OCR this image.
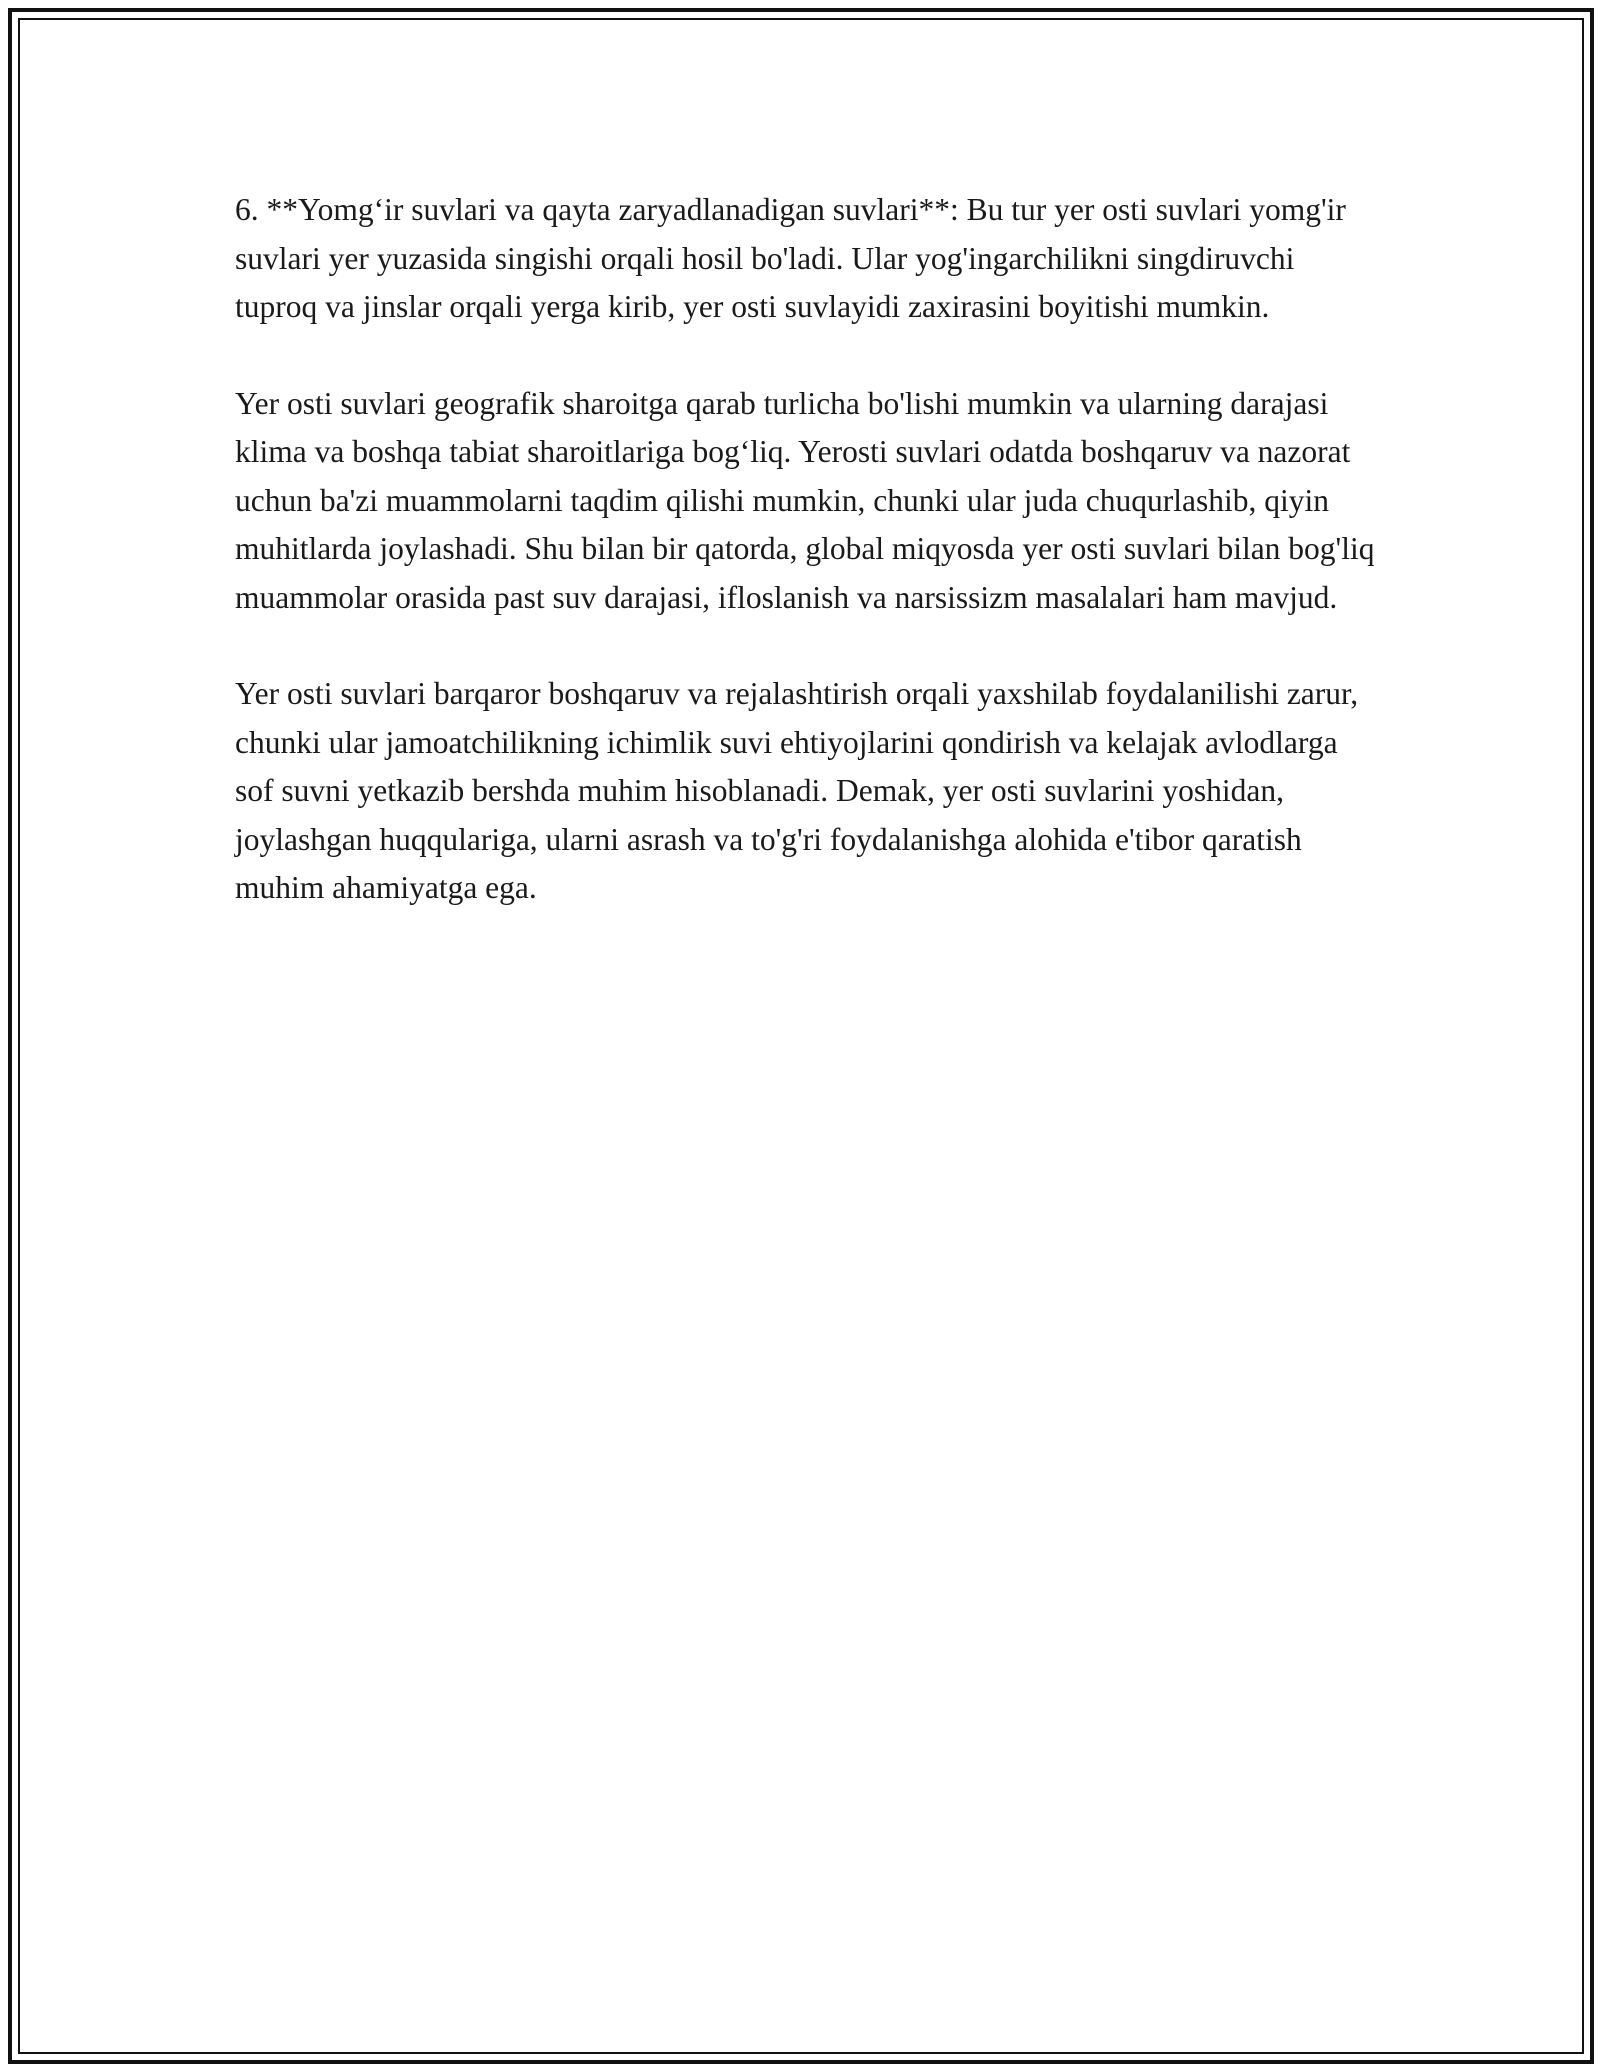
6. **Yomg‘ir suvlari va qayta zaryadlanadigan suvlari**: Bu tur yer osti suvlari yomg'ir suvlari yer yuzasida singishi orqali hosil bo'ladi. Ular yog'ingarchilikni singdiruvchi tuproq va jinslar orqali yerga kirib, yer osti suvlayidi zaxirasini boyitishi mumkin.

Yer osti suvlari geografik sharoitga qarab turlicha bo'lishi mumkin va ularning darajasi klima va boshqa tabiat sharoitlariga bog‘liq. Yerosti suvlari odatda boshqaruv va nazorat uchun ba'zi muammolarni taqdim qilishi mumkin, chunki ular juda chuqurlashib, qiyin muhitlarda joylashadi. Shu bilan bir qatorda, global miqyosda yer osti suvlari bilan bog'liq muammolar orasida past suv darajasi, ifloslanish va narsissizm masalalari ham mavjud.

Yer osti suvlari barqaror boshqaruv va rejalashtirish orqali yaxshilab foydalanilishi zarur, chunki ular jamoatchilikning ichimlik suvi ehtiyojlarini qondirish va kelajak avlodlarga sof suvni yetkazib bershda muhim hisoblanadi. Demak, yer osti suvlarini yoshidan, joylashgan huqqulariga, ularni asrash va to'g'ri foydalanishga alohida e'tibor qaratish muhim ahamiyatga ega.
